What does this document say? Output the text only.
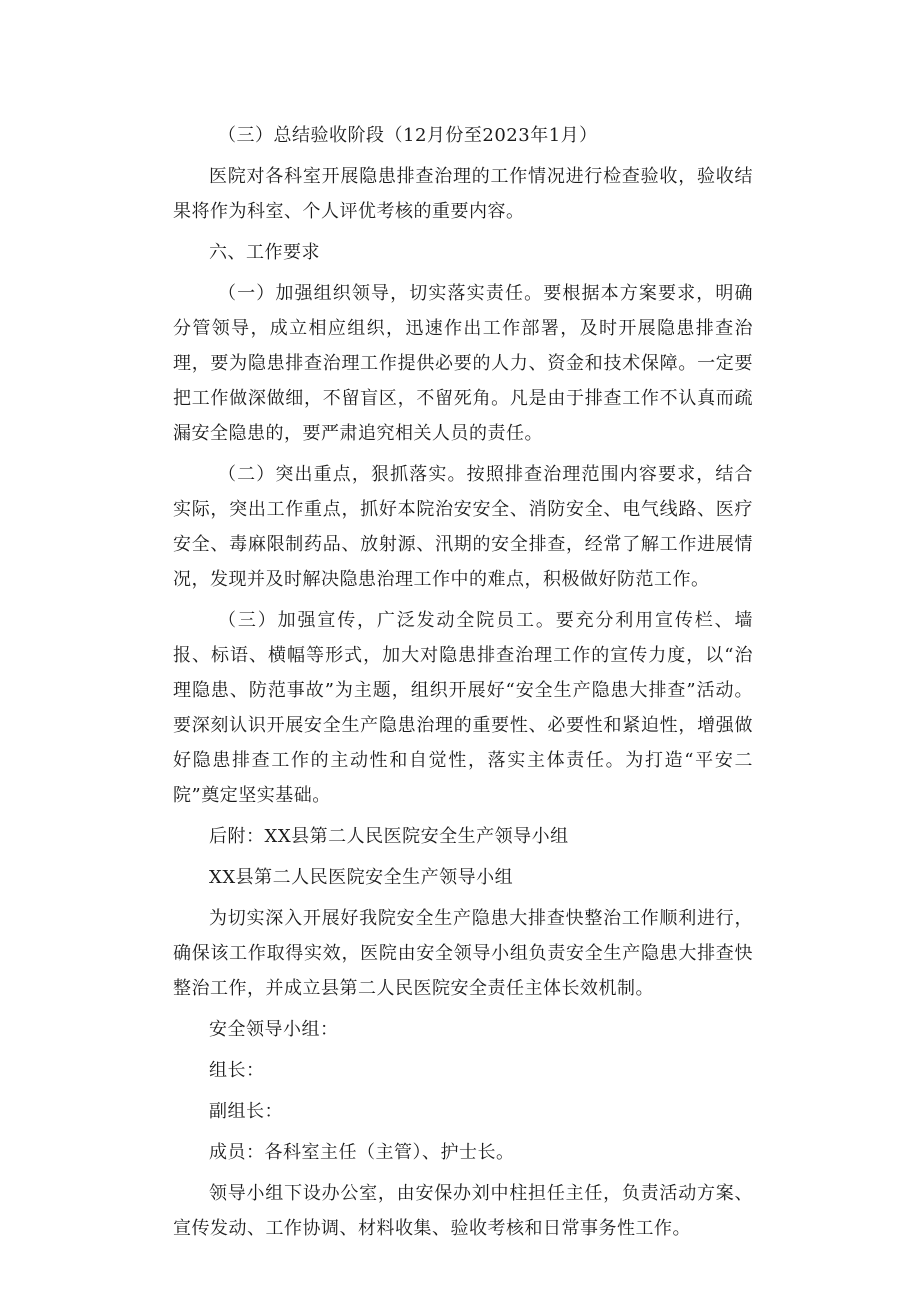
（三）总结验收阶段（12月份至2023年1月）

医院对各科室开展隐患排查治理的工作情况进行检查验收，验收结果将作为科室、个人评优考核的重要内容。

六、工作要求

（一）加强组织领导，切实落实责任。要根据本方案要求，明确分管领导，成立相应组织，迅速作出工作部署，及时开展隐患排查治理，要为隐患排查治理工作提供必要的人力、资金和技术保障。一定要把工作做深做细，不留盲区，不留死角。凡是由于排查工作不认真而疏漏安全隐患的，要严肃追究相关人员的责任。

（二）突出重点，狠抓落实。按照排查治理范围内容要求，结合实际，突出工作重点，抓好本院治安安全、消防安全、电气线路、医疗安全、毒麻限制药品、放射源、汛期的安全排查，经常了解工作进展情况，发现并及时解决隐患治理工作中的难点，积极做好防范工作。

（三）加强宣传，广泛发动全院员工。要充分利用宣传栏、墙报、标语、横幅等形式，加大对隐患排查治理工作的宣传力度，以“治理隐患、防范事故”为主题，组织开展好“安全生产隐患大排查”活动。要深刻认识开展安全生产隐患治理的重要性、必要性和紧迫性，增强做好隐患排查工作的主动性和自觉性，落实主体责任。为打造“平安二院”奠定坚实基础。

后附：XX县第二人民医院安全生产领导小组

XX县第二人民医院安全生产领导小组

为切实深入开展好我院安全生产隐患大排查快整治工作顺利进行，确保该工作取得实效，医院由安全领导小组负责安全生产隐患大排查快整治工作，并成立县第二人民医院安全责任主体长效机制。

安全领导小组：

组长：

副组长：

成员：各科室主任（主管）、护士长。

领导小组下设办公室，由安保办刘中柱担任主任，负责活动方案、宣传发动、工作协调、材料收集、验收考核和日常事务性工作。
